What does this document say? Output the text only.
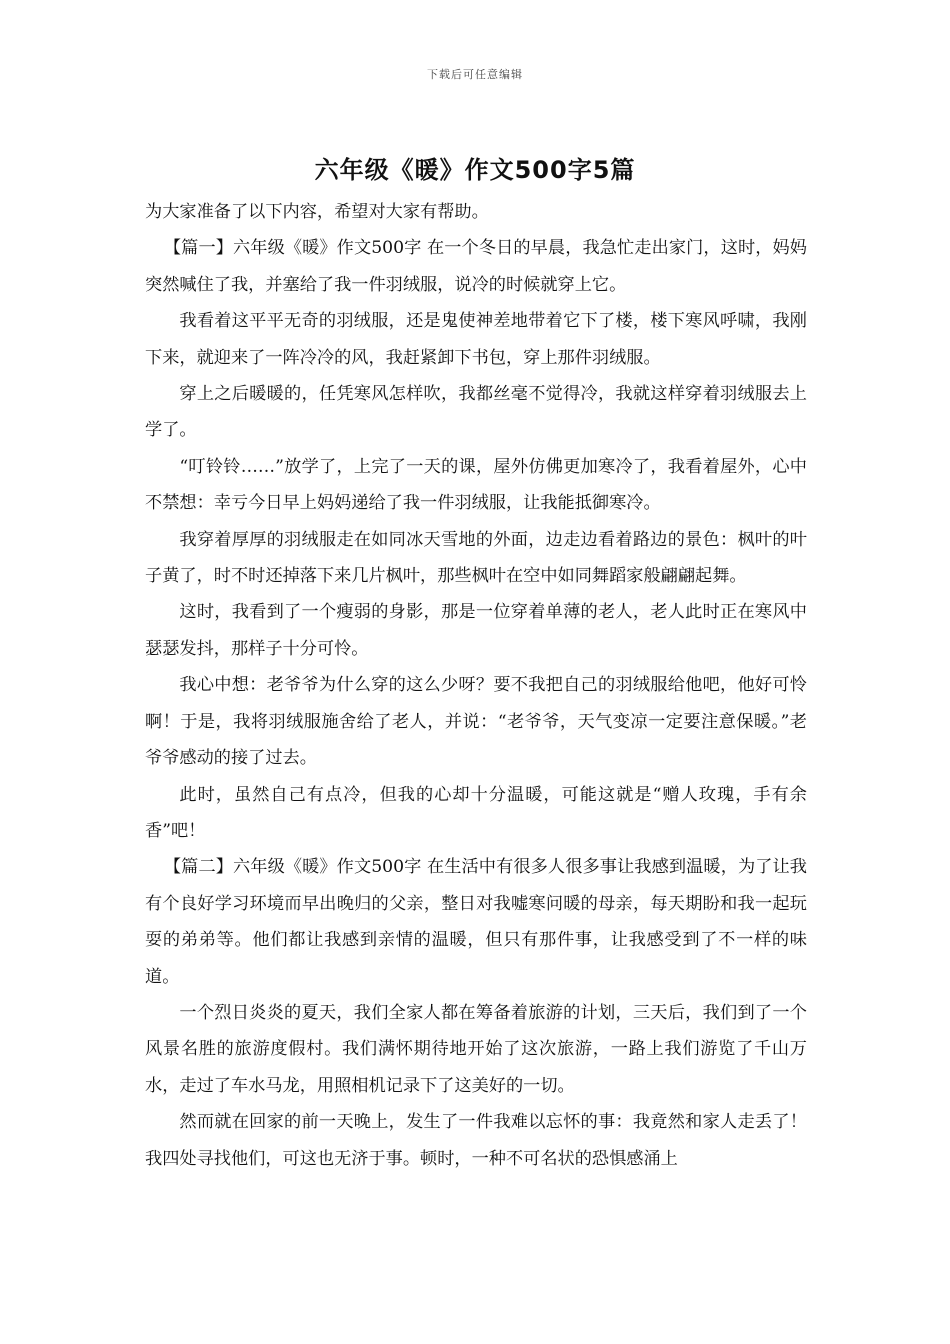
下载后可任意编辑
六年级《暖》作文500字5篇

为大家准备了以下内容，希望对大家有帮助。

【篇一】六年级《暖》作文500字 在一个冬日的早晨，我急忙走出家门，这时，妈妈突然喊住了我，并塞给了我一件羽绒服，说冷的时候就穿上它。

我看着这平平无奇的羽绒服，还是鬼使神差地带着它下了楼，楼下寒风呼啸，我刚下来，就迎来了一阵冷冷的风，我赶紧卸下书包，穿上那件羽绒服。

穿上之后暖暖的，任凭寒风怎样吹，我都丝毫不觉得冷，我就这样穿着羽绒服去上学了。

“叮铃铃……”放学了，上完了一天的课，屋外仿佛更加寒冷了，我看着屋外，心中不禁想：幸亏今日早上妈妈递给了我一件羽绒服，让我能抵御寒冷。

我穿着厚厚的羽绒服走在如同冰天雪地的外面，边走边看着路边的景色：枫叶的叶子黄了，时不时还掉落下来几片枫叶，那些枫叶在空中如同舞蹈家般翩翩起舞。

这时，我看到了一个瘦弱的身影，那是一位穿着单薄的老人，老人此时正在寒风中瑟瑟发抖，那样子十分可怜。

我心中想：老爷爷为什么穿的这么少呀？要不我把自己的羽绒服给他吧，他好可怜啊！于是，我将羽绒服施舍给了老人，并说：“老爷爷，天气变凉一定要注意保暖。”老爷爷感动的接了过去。

此时，虽然自己有点冷，但我的心却十分温暖，可能这就是“赠人玫瑰，手有余香”吧！

【篇二】六年级《暖》作文500字 在生活中有很多人很多事让我感到温暖，为了让我有个良好学习环境而早出晚归的父亲，整日对我嘘寒问暖的母亲，每天期盼和我一起玩耍的弟弟等。他们都让我感到亲情的温暖，但只有那件事，让我感受到了不一样的味道。

一个烈日炎炎的夏天，我们全家人都在筹备着旅游的计划，三天后，我们到了一个风景名胜的旅游度假村。我们满怀期待地开始了这次旅游，一路上我们游览了千山万水，走过了车水马龙，用照相机记录下了这美好的一切。

然而就在回家的前一天晚上，发生了一件我难以忘怀的事：我竟然和家人走丢了！我四处寻找他们，可这也无济于事。顿时，一种不可名状的恐惧感涌上
